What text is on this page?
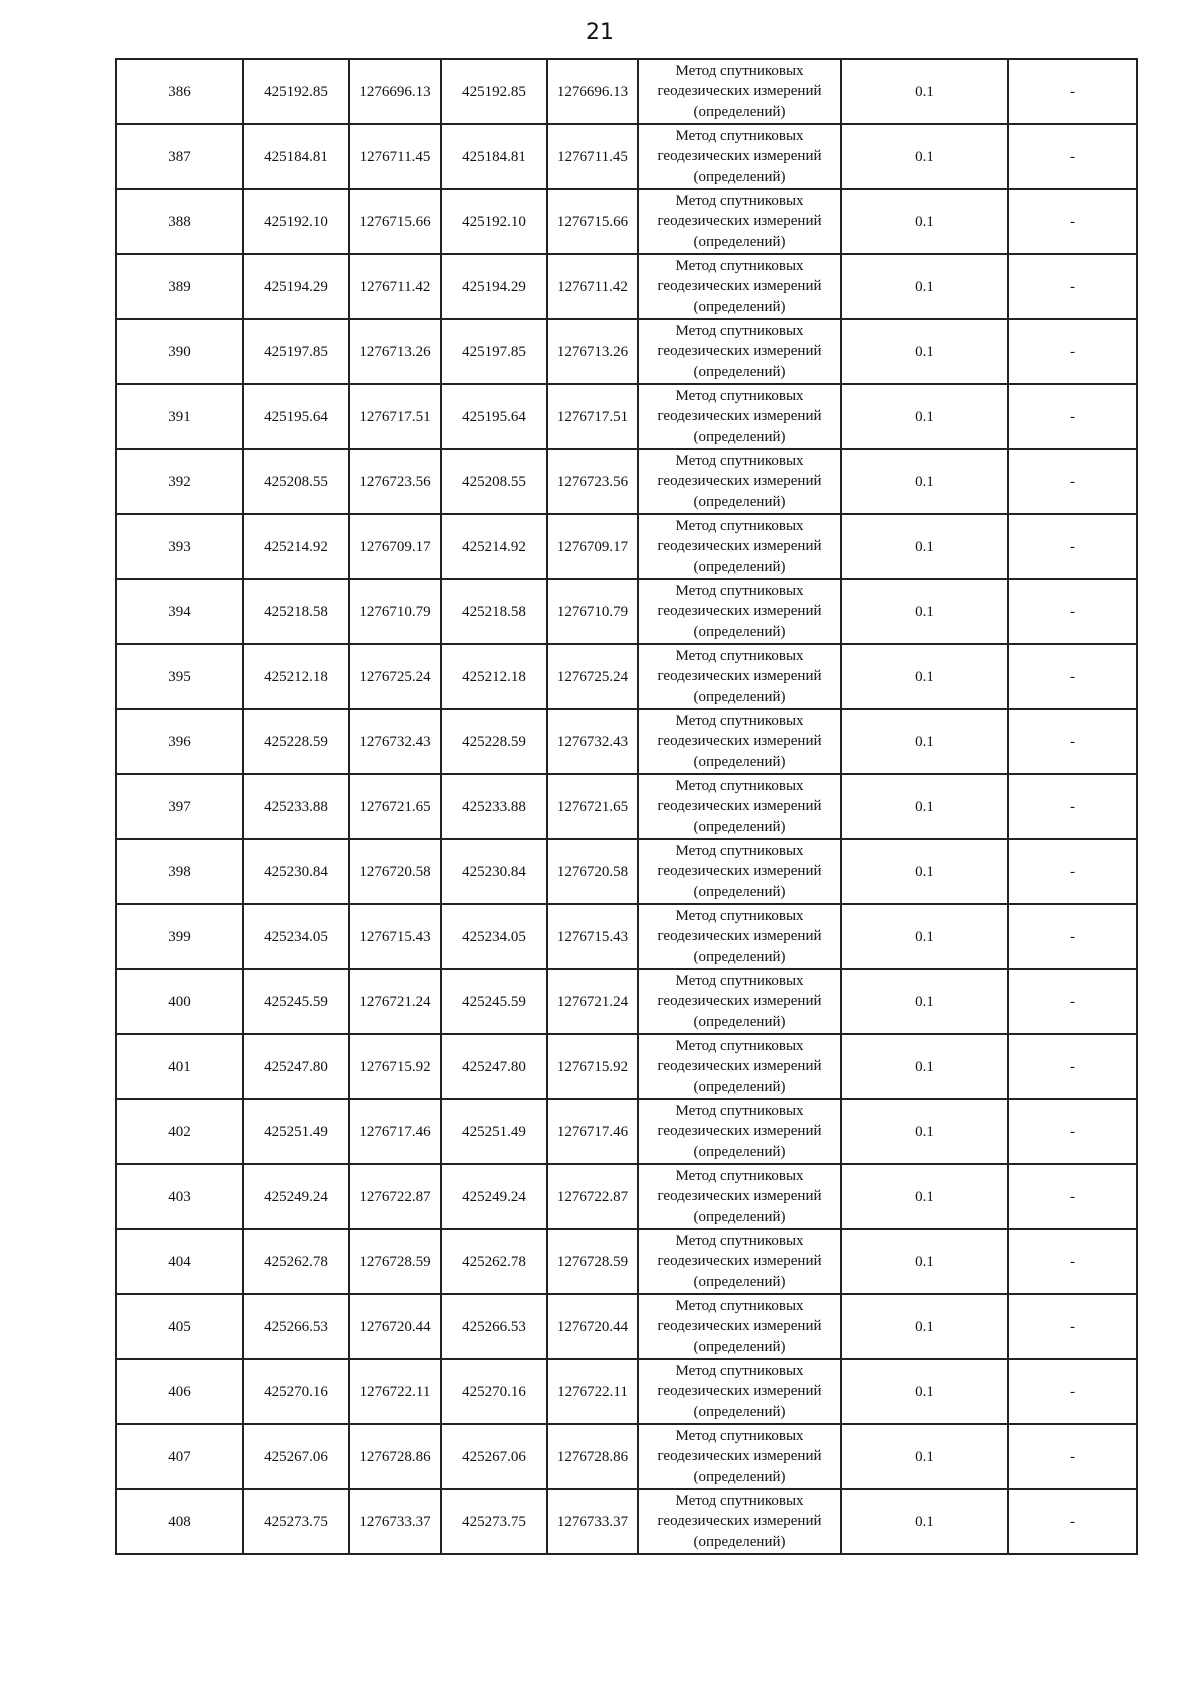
21
386	425192.85	1276696.13	425192.85	1276696.13	Метод спутниковых геодезических измерений (определений)	0.1	-
387	425184.81	1276711.45	425184.81	1276711.45	Метод спутниковых геодезических измерений (определений)	0.1	-
388	425192.10	1276715.66	425192.10	1276715.66	Метод спутниковых геодезических измерений (определений)	0.1	-
389	425194.29	1276711.42	425194.29	1276711.42	Метод спутниковых геодезических измерений (определений)	0.1	-
390	425197.85	1276713.26	425197.85	1276713.26	Метод спутниковых геодезических измерений (определений)	0.1	-
391	425195.64	1276717.51	425195.64	1276717.51	Метод спутниковых геодезических измерений (определений)	0.1	-
392	425208.55	1276723.56	425208.55	1276723.56	Метод спутниковых геодезических измерений (определений)	0.1	-
393	425214.92	1276709.17	425214.92	1276709.17	Метод спутниковых геодезических измерений (определений)	0.1	-
394	425218.58	1276710.79	425218.58	1276710.79	Метод спутниковых геодезических измерений (определений)	0.1	-
395	425212.18	1276725.24	425212.18	1276725.24	Метод спутниковых геодезических измерений (определений)	0.1	-
396	425228.59	1276732.43	425228.59	1276732.43	Метод спутниковых геодезических измерений (определений)	0.1	-
397	425233.88	1276721.65	425233.88	1276721.65	Метод спутниковых геодезических измерений (определений)	0.1	-
398	425230.84	1276720.58	425230.84	1276720.58	Метод спутниковых геодезических измерений (определений)	0.1	-
399	425234.05	1276715.43	425234.05	1276715.43	Метод спутниковых геодезических измерений (определений)	0.1	-
400	425245.59	1276721.24	425245.59	1276721.24	Метод спутниковых геодезических измерений (определений)	0.1	-
401	425247.80	1276715.92	425247.80	1276715.92	Метод спутниковых геодезических измерений (определений)	0.1	-
402	425251.49	1276717.46	425251.49	1276717.46	Метод спутниковых геодезических измерений (определений)	0.1	-
403	425249.24	1276722.87	425249.24	1276722.87	Метод спутниковых геодезических измерений (определений)	0.1	-
404	425262.78	1276728.59	425262.78	1276728.59	Метод спутниковых геодезических измерений (определений)	0.1	-
405	425266.53	1276720.44	425266.53	1276720.44	Метод спутниковых геодезических измерений (определений)	0.1	-
406	425270.16	1276722.11	425270.16	1276722.11	Метод спутниковых геодезических измерений (определений)	0.1	-
407	425267.06	1276728.86	425267.06	1276728.86	Метод спутниковых геодезических измерений (определений)	0.1	-
408	425273.75	1276733.37	425273.75	1276733.37	Метод спутниковых геодезических измерений (определений)	0.1	-
